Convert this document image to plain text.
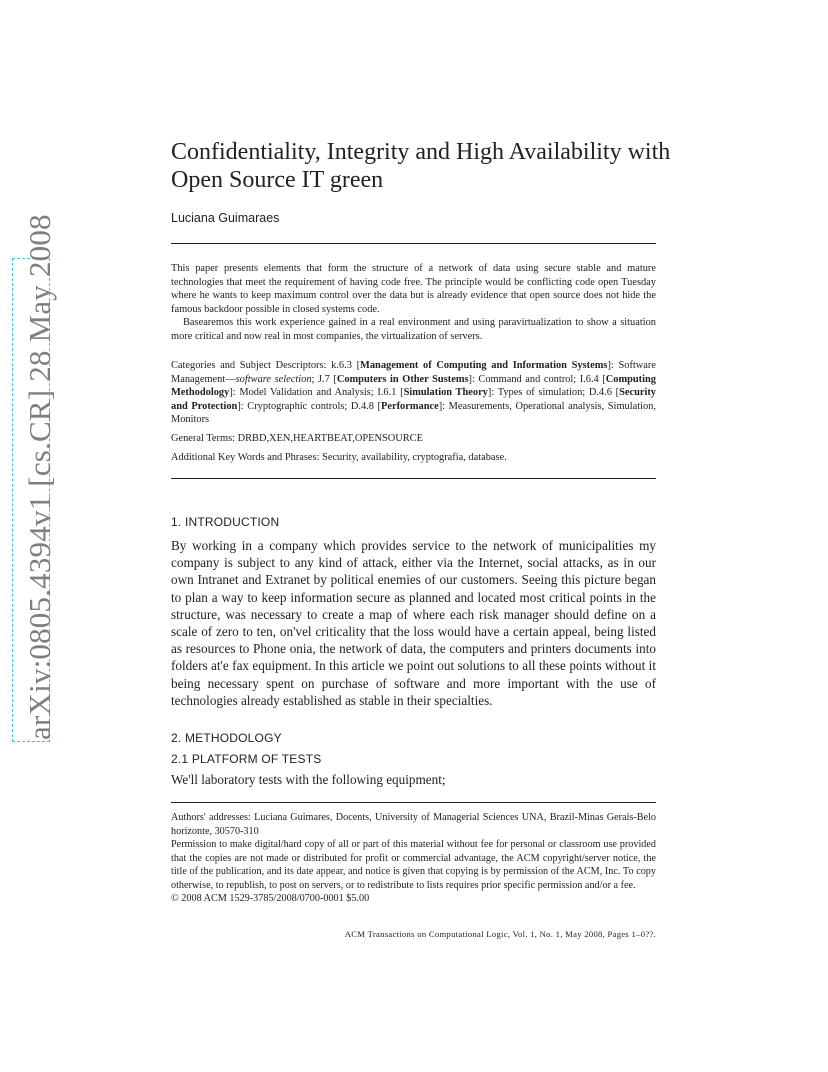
arXiv:0805.4394v1 [cs.CR] 28 May 2008
Confidentiality, Integrity and High Availability with Open Source IT green
Luciana Guimaraes

This paper presents elements that form the structure of a network of data using secure stable and mature technologies that meet the requirement of having code free. The principle would be conflicting code open Tuesday where he wants to keep maximum control over the data but is already evidence that open source does not hide the famous backdoor possible in closed systems code.

Basearemos this work experience gained in a real environment and using paravirtualization to show a situation more critical and now real in most companies, the virtualization of servers.

Categories and Subject Descriptors: k.6.3 [Management of Computing and Information Systems]: Software Management—software selection; J.7 [Computers in Other Sustems]: Command and control; I.6.4 [Computing Methodology]: Model Validation and Analysis; I.6.1 [Simulation Theory]: Types of simulation; D.4.6 [Security and Protection]: Cryptographic controls; D.4.8 [Performance]: Measurements, Operational analysis, Simulation, Monitors
General Terms: DRBD,XEN,HEARTBEAT,OPENSOURCE
Additional Key Words and Phrases: Security, availability, cryptografia, database.
1. INTRODUCTION
By working in a company which provides service to the network of municipalities my company is subject to any kind of attack, either via the Internet, social attacks, as in our own Intranet and Extranet by political enemies of our customers. Seeing this picture began to plan a way to keep information secure as planned and located most critical points in the structure, was necessary to create a map of where each risk manager should define on a scale of zero to ten, on'vel criticality that the loss would have a certain appeal, being listed as resources to Phone onia, the network of data, the computers and printers documents into folders at'e fax equipment. In this article we point out solutions to all these points without it being necessary spent on purchase of software and more important with the use of technologies already established as stable in their specialties.
2. METHODOLOGY
2.1 PLATFORM OF TESTS
We'll laboratory tests with the following equipment;

Authors' addresses: Luciana Guimares, Docents, University of Managerial Sciences UNA, Brazil-Minas Gerais-Belo horizonte, 30570-310

Permission to make digital/hard copy of all or part of this material without fee for personal or classroom use provided that the copies are not made or distributed for profit or commercial advantage, the ACM copyright/server notice, the title of the publication, and its date appear, and notice is given that copying is by permission of the ACM, Inc. To copy otherwise, to republish, to post on servers, or to redistribute to lists requires prior specific permission and/or a fee.

© 2008 ACM 1529-3785/2008/0700-0001 $5.00

ACM Transactions on Computational Logic, Vol. 1, No. 1, May 2008, Pages 1–0??.
